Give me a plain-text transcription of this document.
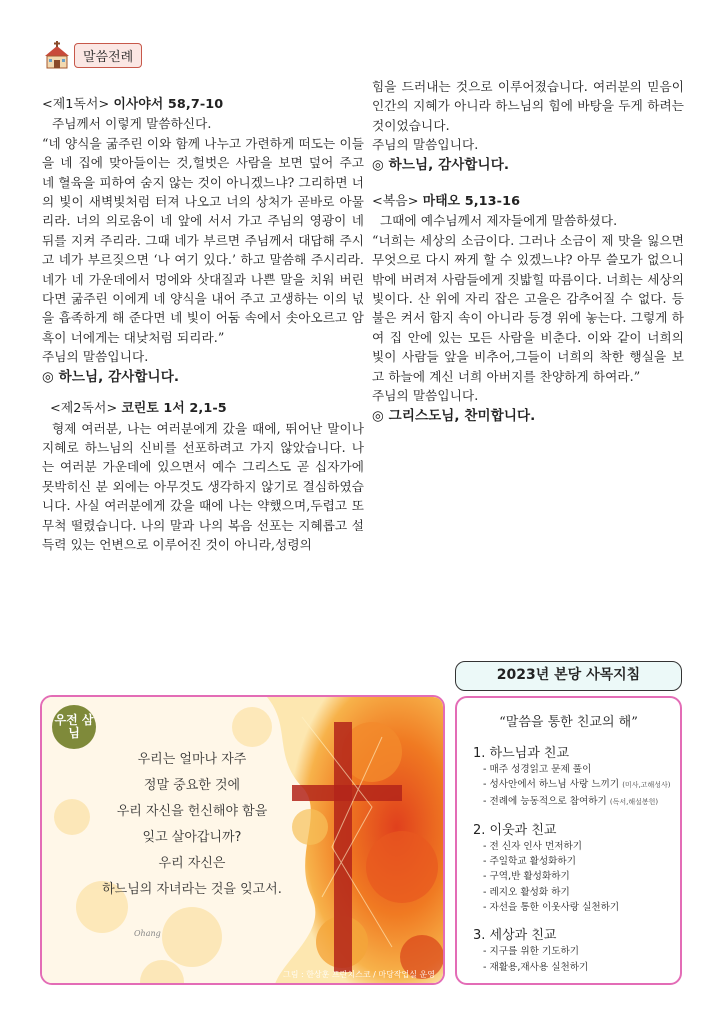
말씀전례

<제1독서> 이사야서 58,7-10

주님께서 이렇게 말씀하신다.

“네 양식을 굶주린 이와 함께 나누고 가련하게 떠도는 이들을 네 집에 맞아들이는 것,헐벗은 사람을 보면 덮어 주고 네 혈육을 피하여 숨지 않는 것이 아니겠느냐? 그리하면 너의 빛이 새벽빛처럼 터져 나오고 너의 상처가 곧바로 아물리라. 너의 의로움이 네 앞에 서서 가고 주님의 영광이 네 뒤를 지켜 주리라. 그때 네가 부르면 주님께서 대답해 주시고 네가 부르짖으면 ‘나 여기 있다.’ 하고 말씀해 주시리라. 네가 네 가운데에서 멍에와 삿대질과 나쁜 말을 치워 버린다면 굶주린 이에게 네 양식을 내어 주고 고생하는 이의 넋을 흡족하게 해 준다면 네 빛이 어둠 속에서 솟아오르고 암흑이 너에게는 대낮처럼 되리라.”

주님의 말씀입니다.

◎ 하느님, 감사합니다.

<제2독서> 코린토 1서 2,1-5

형제 여러분, 나는 여러분에게 갔을 때에, 뛰어난 말이나 지혜로 하느님의 신비를 선포하려고 가지 않았습니다. 나는 여러분 가운데에 있으면서 예수 그리스도 곧 십자가에 못박히신 분 외에는 아무것도 생각하지 않기로 결심하였습니다. 사실 여러분에게 갔을 때에 나는 약했으며,두렵고 또 무척 떨렸습니다. 나의 말과 나의 복음 선포는 지혜롭고 설득력 있는 언변으로 이루어진 것이 아니라,성령의

힘을 드러내는 것으로 이루어졌습니다. 여러분의 믿음이 인간의 지혜가 아니라 하느님의 힘에 바탕을 두게 하려는 것이었습니다.

주님의 말씀입니다.

◎ 하느님, 감사합니다.

<복음> 마태오 5,13-16

그때에 예수님께서 제자들에게 말씀하셨다.

“너희는 세상의 소금이다. 그러나 소금이 제 맛을 잃으면 무엇으로 다시 짜게 할 수 있겠느냐? 아무 쓸모가 없으니 밖에 버려져 사람들에게 짓밟힐 따름이다. 너희는 세상의 빛이다. 산 위에 자리 잡은 고을은 감추어질 수 없다. 등불은 켜서 함지 속이 아니라 등경 위에 놓는다. 그렇게 하여 집 안에 있는 모든 사람을 비춘다. 이와 같이 너희의 빛이 사람들 앞을 비추어,그들이 너희의 착한 행실을 보고 하늘에 계신 너희 아버지를 찬양하게 하여라.”

주님의 말씀입니다.

◎ 그리스도님, 찬미합니다.

우전 삼님
우리는 얼마나 자주
정말 중요한 것에
우리 자신을 헌신해야 함을
잊고 살아갑니까?
우리 자신은
하느님의 자녀라는 것을 잊고서.
Ohang
그림 : 한상훈 프란치스코 / 마당작업실 운영
2023년 본당 사목지침
“말씀을 통한 친교의 해”
1. 하느님과 친교
- 매주 성경읽고 문제 풀이
- 성사안에서 하느님 사랑 느끼기 (미사,고해성사)
- 전례에 능동적으로 참여하기 (독서,해설봉헌)
2. 이웃과 친교
- 전 신자 인사 먼저하기
- 주일학교 활성화하기
- 구역,반 활성화하기
- 레지오 활성화 하기
- 자선을 통한 이웃사랑 실천하기
3. 세상과 친교
- 지구를 위한 기도하기
- 재활용,재사용 실천하기
